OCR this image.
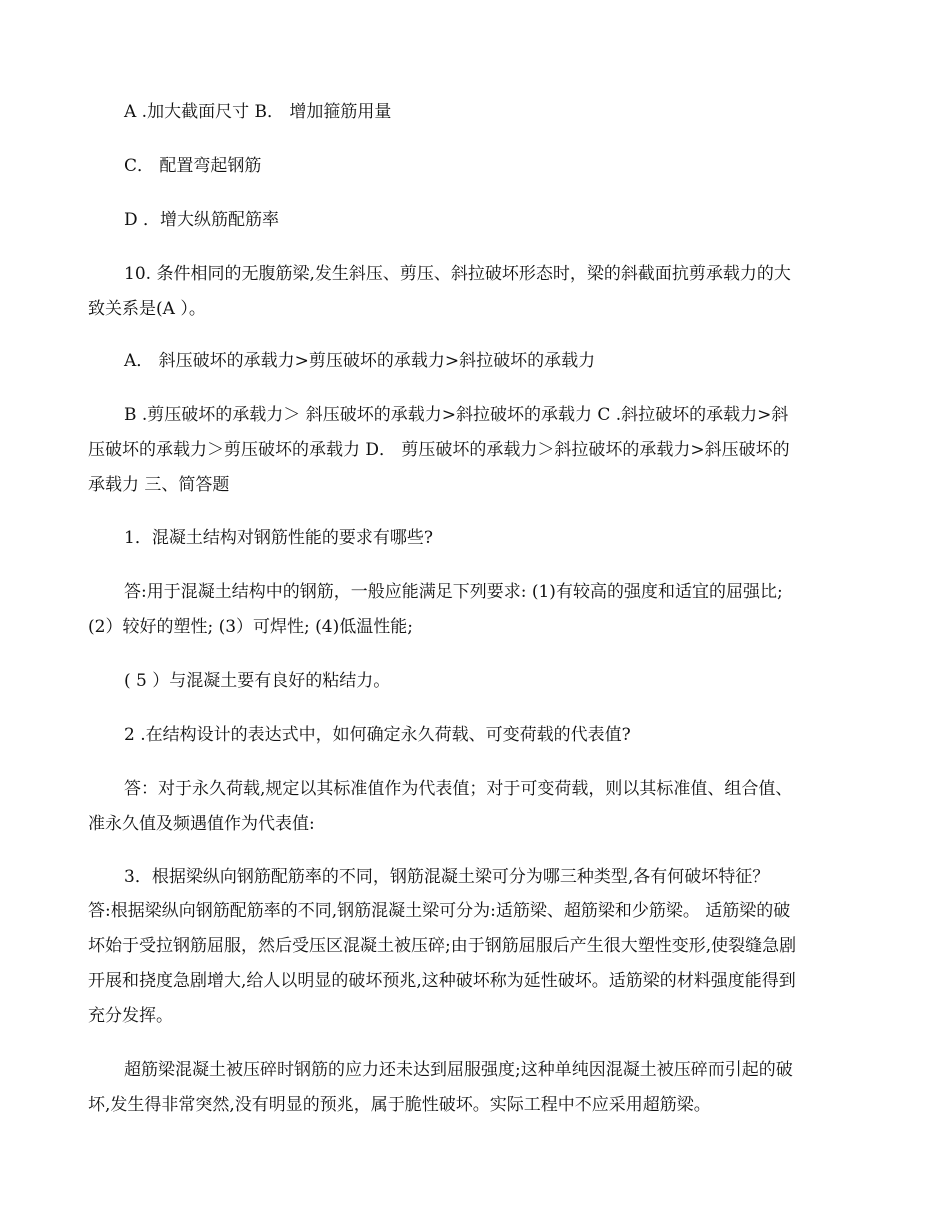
A .加大截面尺寸 B． 增加箍筋用量
C． 配置弯起钢筋
D ．增大纵筋配筋率
10. 条件相同的无腹筋梁,发生斜压、剪压、斜拉破坏形态时，梁的斜截面抗剪承载力的大
致关系是(A ）。
A． 斜压破坏的承载力>剪压破坏的承载力>斜拉破坏的承载力
B .剪压破坏的承载力＞ 斜压破坏的承载力>斜拉破坏的承载力 C .斜拉破坏的承载力>斜
压破坏的承载力＞剪压破坏的承载力 D． 剪压破坏的承载力＞斜拉破坏的承载力>斜压破坏的
承载力 三、简答题
1．混凝土结构对钢筋性能的要求有哪些?
答:用于混凝土结构中的钢筋，一般应能满足下列要求: (1)有较高的强度和适宜的屈强比;
(2）较好的塑性; (3）可焊性; (4)低温性能;
( 5 ）与混凝土要有良好的粘结力。
2 .在结构设计的表达式中，如何确定永久荷载、可变荷载的代表值?
答：对于永久荷载,规定以其标准值作为代表值；对于可变荷载，则以其标准值、组合值、
准永久值及频遇值作为代表值:
3．根据梁纵向钢筋配筋率的不同，钢筋混凝土梁可分为哪三种类型,各有何破坏特征？
答:根据梁纵向钢筋配筋率的不同,钢筋混凝土梁可分为:适筋梁、超筋梁和少筋梁。 适筋梁的破
坏始于受拉钢筋屈服，然后受压区混凝土被压碎;由于钢筋屈服后产生很大塑性变形,使裂缝急剧
开展和挠度急剧增大,给人以明显的破坏预兆,这种破坏称为延性破坏。适筋梁的材料强度能得到
充分发挥。
超筋梁混凝土被压碎时钢筋的应力还未达到屈服强度;这种单纯因混凝土被压碎而引起的破
坏,发生得非常突然,没有明显的预兆，属于脆性破坏。实际工程中不应采用超筋梁。
